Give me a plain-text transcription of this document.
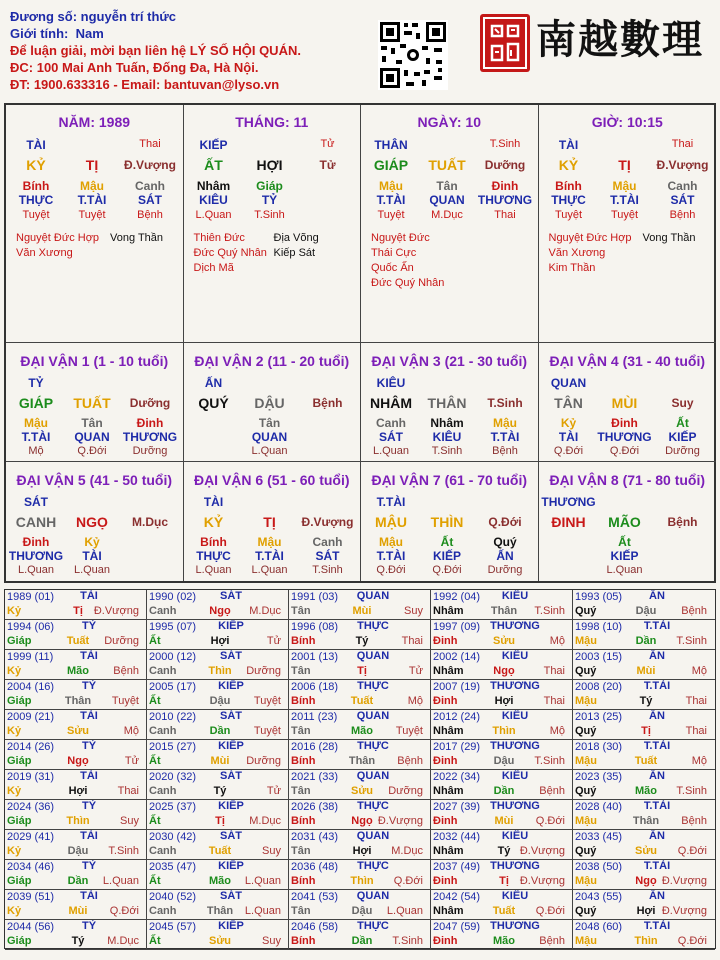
Đương số: nguyễn trí thức
Giới tính: Nam
Để luận giải, mời bạn liên hệ LÝ SỐ HỘI QUÁN.
ĐC: 100 Mai Anh Tuấn, Đống Đa, Hà Nội.
ĐT: 1900.633316 - Email: bantuvan@lyso.vn
南越數理
NĂM: 1989
TÀI	Thai
KỶ	TỊ	Đ.Vượng
Bính	Mậu	Canh
THỰC	T.TÀI	SÁT
Tuyệt	Tuyệt	Bệnh
Nguyệt Đức Hợp
Văn Xương
Vong Thần
THÁNG: 11
KIẾP	Tử
ẤT	HỢI	Tử
Nhâm	Giáp
KIÊU	TỶ
L.Quan	T.Sinh
Thiên Đức
Đức Quý Nhân
Dịch Mã
Địa Võng
Kiếp Sát
NGÀY: 10
THÂN	T.Sinh
GIÁP	TUẤT	Dưỡng
Mậu	Tân	Đinh
T.TÀI	QUAN	THƯƠNG
Tuyệt	M.Dục	Thai
Nguyệt Đức
Thái Cực
Quốc Ấn
Đức Quý Nhân
GIỜ: 10:15
TÀI	Thai
KỶ	TỊ	Đ.Vượng
Bính	Mậu	Canh
THỰC	T.TÀI	SÁT
Tuyệt	Tuyệt	Bệnh
Nguyệt Đức Hợp
Văn Xương
Kim Thần
Vong Thần
ĐẠI VẬN 1 (1 - 10 tuổi)
TỶ
GIÁP	TUẤT	Dưỡng
Mậu	Tân	Đinh
T.TÀI	QUAN	THƯƠNG
Mộ	Q.Đới	Dưỡng
ĐẠI VẬN 2 (11 - 20 tuổi)
ẤN
QUÝ	DẬU	Bệnh
Tân
QUAN
L.Quan
ĐẠI VẬN 3 (21 - 30 tuổi)
KIÊU
NHÂM	THÂN	T.Sinh
Canh	Nhâm	Mậu
SÁT	KIÊU	T.TÀI
L.Quan	T.Sinh	Bệnh
ĐẠI VẬN 4 (31 - 40 tuổi)
QUAN
TÂN	MÙI	Suy
Kỷ	Đinh	Ất
TÀI	THƯƠNG	KIẾP
Q.Đới	Q.Đới	Dưỡng
ĐẠI VẬN 5 (41 - 50 tuổi)
SÁT
CANH	NGỌ	M.Dục
Đinh	Kỷ
THƯƠNG	TÀI
L.Quan	L.Quan
ĐẠI VẬN 6 (51 - 60 tuổi)
TÀI
KỶ	TỊ	Đ.Vượng
Bính	Mậu	Canh
THỰC	T.TÀI	SÁT
L.Quan	L.Quan	T.Sinh
ĐẠI VẬN 7 (61 - 70 tuổi)
T.TÀI
MẬU	THÌN	Q.Đới
Mậu	Ất	Quý
T.TÀI	KIẾP	ẤN
Q.Đới	Q.Đới	Dưỡng
ĐẠI VẬN 8 (71 - 80 tuổi)
THƯƠNG
ĐINH	MÃO	Bệnh
Ất
KIẾP
L.Quan
1989 (01)	TÀI
Kỷ	Tị Đ.Vượng
1990 (02)	SÁT
Canh	Ngọ	M.Dục
1991 (03)	QUAN
Tân	Mùi	Suy
1992 (04)	KIÊU
Nhâm Thân	T.Sinh
1993 (05)	ẤN
Quý	Dậu	Bệnh
1994 (06)	TỶ
Giáp	Tuất	Dưỡng
1995 (07)	KIẾP
Ất	Hợi	Tử
1996 (08)	THỰC
Bính	Tý	Thai
1997 (09) THƯƠNG
Đinh	Sửu	Mộ
1998 (10)	T.TÀI
Mậu	Dần	T.Sinh
1999 (11)	TÀI
Kỷ	Mão	Bệnh
2000 (12)	SÁT
Canh	Thìn	Dưỡng
2001 (13)	QUAN
Tân	Tị	Tử
2002 (14)	KIÊU
Nhâm	Ngọ	Thai
2003 (15)	ẤN
Quý	Mùi	Mộ
2004 (16)	TỶ
Giáp	Thân	Tuyệt
2005 (17)	KIẾP
Ất	Dậu	Tuyệt
2006 (18)	THỰC
Bính	Tuất	Mộ
2007 (19) THƯƠNG
Đinh	Hợi	Thai
2008 (20)	T.TÀI
Mậu	Tý	Thai
2009 (21)	TÀI
Kỷ	Sửu	Mộ
2010 (22)	SÁT
Canh	Dần	Tuyệt
2011 (23)	QUAN
Tân	Mão	Tuyệt
2012 (24)	KIÊU
Nhâm	Thìn	Mộ
2013 (25)	ẤN
Quý	Tị	Thai
2014 (26)	TỶ
Giáp	Ngọ	Tử
2015 (27)	KIẾP
Ất	Mùi	Dưỡng
2016 (28)	THỰC
Bính	Thân	Bệnh
2017 (29) THƯƠNG
Đinh	Dậu	T.Sinh
2018 (30)	T.TÀI
Mậu	Tuất	Mộ
2019 (31)	TÀI
Kỷ	Hợi	Thai
2020 (32)	SÁT
Canh	Tý	Tử
2021 (33)	QUAN
Tân	Sửu	Dưỡng
2022 (34)	KIÊU
Nhâm	Dần	Bệnh
2023 (35)	ẤN
Quý	Mão	T.Sinh
2024 (36)	TỶ
Giáp	Thìn	Suy
2025 (37)	KIẾP
Ất	Tị	M.Dục
2026 (38)	THỰC
Bính	Ngọ Đ.Vượng
2027 (39) THƯƠNG
Đinh	Mùi	Q.Đới
2028 (40)	T.TÀI
Mậu	Thân	Bệnh
2029 (41)	TÀI
Kỷ	Dậu	T.Sinh
2030 (42)	SÁT
Canh	Tuất	Suy
2031 (43)	QUAN
Tân	Hợi	M.Dục
2032 (44)	KIÊU
Nhâm	Tý Đ.Vượng
2033 (45)	ẤN
Quý	Sửu	Q.Đới
2034 (46)	TỶ
Giáp	Dần	L.Quan
2035 (47)	KIẾP
Ất	Mão	L.Quan
2036 (48)	THỰC
Bính	Thìn	Q.Đới
2037 (49) THƯƠNG
Đinh	Tị Đ.Vượng
2038 (50)	T.TÀI
Mậu	Ngọ Đ.Vượng
2039 (51)	TÀI
Kỷ	Mùi	Q.Đới
2040 (52)	SÁT
Canh	Thân	L.Quan
2041 (53)	QUAN
Tân	Dậu	L.Quan
2042 (54)	KIÊU
Nhâm	Tuất	Q.Đới
2043 (55)	ẤN
Quý	Hợi Đ.Vượng
2044 (56)	TỶ
Giáp	Tý	M.Dục
2045 (57)	KIẾP
Ất	Sửu	Suy
2046 (58)	THỰC
Bính	Dần	T.Sinh
2047 (59) THƯƠNG
Đinh	Mão	Bệnh
2048 (60)	T.TÀI
Mậu	Thìn	Q.Đới
